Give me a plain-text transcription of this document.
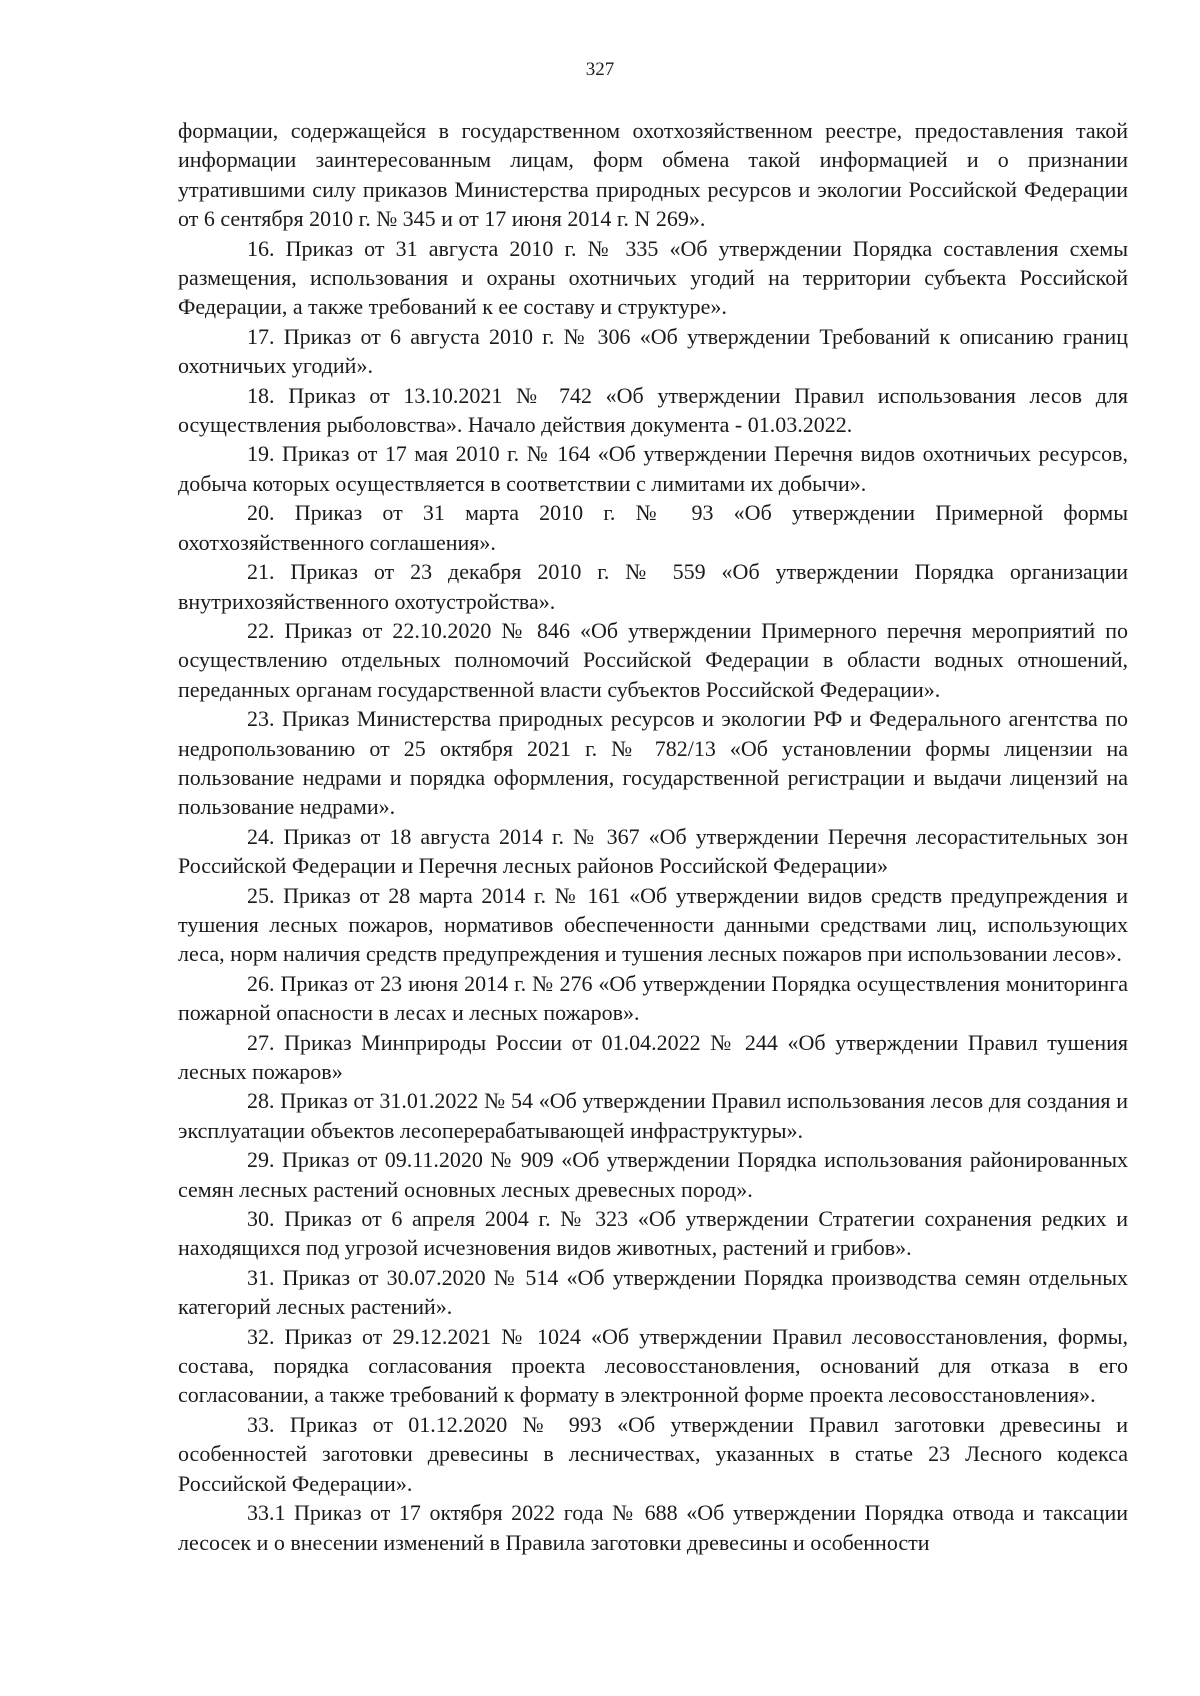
327

формации, содержащейся в государственном охотхозяйственном реестре, предоставления такой информации заинтересованным лицам, форм обмена такой информацией и о признании утратившими силу приказов Министерства природных ресурсов и экологии Российской Федерации от 6 сентября 2010 г. № 345 и от 17 июня 2014 г. N 269».

16. Приказ от 31 августа 2010 г. № 335 «Об утверждении Порядка составления схемы размещения, использования и охраны охотничьих угодий на территории субъекта Российской Федерации, а также требований к ее составу и структуре».

17. Приказ от 6 августа 2010 г. № 306 «Об утверждении Требований к описанию границ охотничьих угодий».

18. Приказ от 13.10.2021 № 742 «Об утверждении Правил использования лесов для осуществления рыболовства». Начало действия документа - 01.03.2022.

19. Приказ от 17 мая 2010 г. № 164 «Об утверждении Перечня видов охотничьих ресурсов, добыча которых осуществляется в соответствии с лимитами их добычи».

20. Приказ от 31 марта 2010 г. № 93 «Об утверждении Примерной формы охотхозяйственного соглашения».

21. Приказ от 23 декабря 2010 г. № 559 «Об утверждении Порядка организации внутрихозяйственного охотустройства».

22. Приказ от 22.10.2020 № 846 «Об утверждении Примерного перечня мероприятий по осуществлению отдельных полномочий Российской Федерации в области водных отношений, переданных органам государственной власти субъектов Российской Федерации».

23. Приказ Министерства природных ресурсов и экологии РФ и Федерального агентства по недропользованию от 25 октября 2021 г. № 782/13 «Об установлении формы лицензии на пользование недрами и порядка оформления, государственной регистрации и выдачи лицензий на пользование недрами».

24. Приказ от 18 августа 2014 г. № 367 «Об утверждении Перечня лесорастительных зон Российской Федерации и Перечня лесных районов Российской Федерации»

25. Приказ от 28 марта 2014 г. № 161 «Об утверждении видов средств предупреждения и тушения лесных пожаров, нормативов обеспеченности данными средствами лиц, использующих леса, норм наличия средств предупреждения и тушения лесных пожаров при использовании лесов».

26. Приказ от 23 июня 2014 г. № 276 «Об утверждении Порядка осуществления мониторинга пожарной опасности в лесах и лесных пожаров».

27. Приказ Минприроды России от 01.04.2022 № 244 «Об утверждении Правил тушения лесных пожаров»

28. Приказ от 31.01.2022 № 54 «Об утверждении Правил использования лесов для создания и эксплуатации объектов лесоперерабатывающей инфраструктуры».

29. Приказ от 09.11.2020 № 909 «Об утверждении Порядка использования районированных семян лесных растений основных лесных древесных пород».

30. Приказ от 6 апреля 2004 г. № 323 «Об утверждении Стратегии сохранения редких и находящихся под угрозой исчезновения видов животных, растений и грибов».

31. Приказ от 30.07.2020 № 514 «Об утверждении Порядка производства семян отдельных категорий лесных растений».

32. Приказ от 29.12.2021 № 1024 «Об утверждении Правил лесовосстановления, формы, состава, порядка согласования проекта лесовосстановления, оснований для отказа в его согласовании, а также требований к формату в электронной форме проекта лесовосстановления».

33. Приказ от 01.12.2020 № 993 «Об утверждении Правил заготовки древесины и особенностей заготовки древесины в лесничествах, указанных в статье 23 Лесного кодекса Российской Федерации».

33.1 Приказ от 17 октября 2022 года № 688 «Об утверждении Порядка отвода и таксации лесосек и о внесении изменений в Правила заготовки древесины и особенности
